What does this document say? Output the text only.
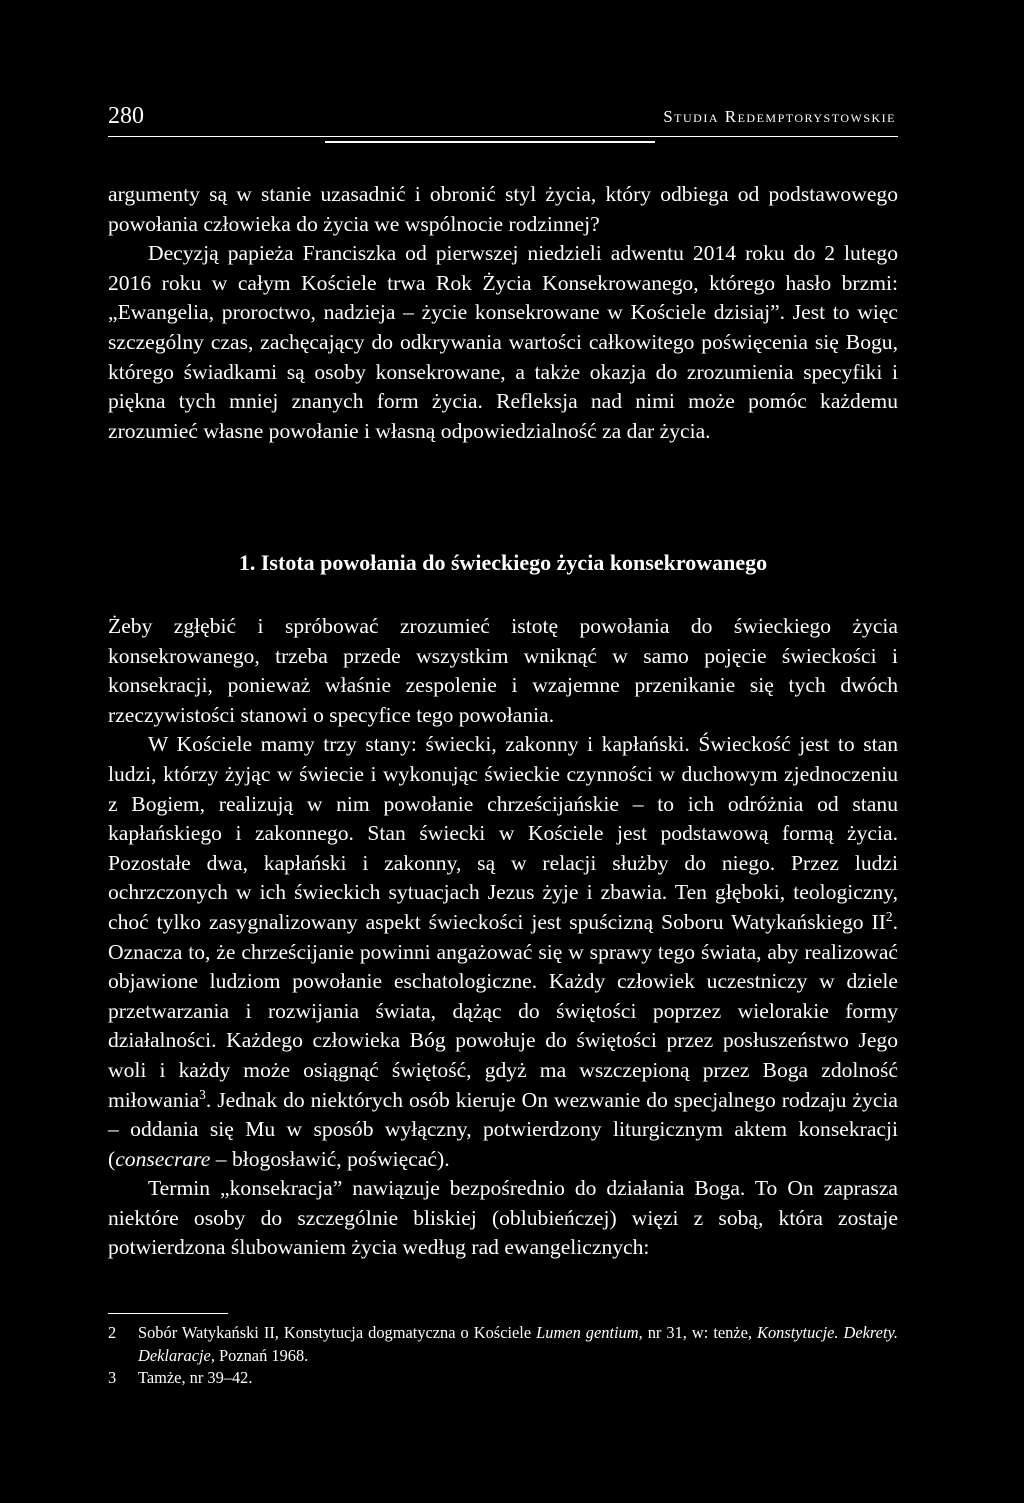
280	Studia Redemptorystowskie

argumenty są w stanie uzasadnić i obronić styl życia, który odbiega od podstawowego powołania człowieka do życia we wspólnocie rodzinnej?

Decyzją papieża Franciszka od pierwszej niedzieli adwentu 2014 roku do 2 lutego 2016 roku w całym Kościele trwa Rok Życia Konsekrowanego, którego hasło brzmi: „Ewangelia, proroctwo, nadzieja – życie konsekrowane w Kościele dzisiaj”. Jest to więc szczególny czas, zachęcający do odkrywania wartości całkowitego poświęcenia się Bogu, którego świadkami są osoby konsekrowane, a także okazja do zrozumienia specyfiki i piękna tych mniej znanych form życia. Refleksja nad nimi może pomóc każdemu zrozumieć własne powołanie i własną odpowiedzialność za dar życia.

1. Istota powołania do świeckiego życia konsekrowanego

Żeby zgłębić i spróbować zrozumieć istotę powołania do świeckiego życia konsekrowanego, trzeba przede wszystkim wniknąć w samo pojęcie świeckości i konsekracji, ponieważ właśnie zespolenie i wzajemne przenikanie się tych dwóch rzeczywistości stanowi o specyfice tego powołania.

W Kościele mamy trzy stany: świecki, zakonny i kapłański. Świeckość jest to stan ludzi, którzy żyjąc w świecie i wykonując świeckie czynności w duchowym zjednoczeniu z Bogiem, realizują w nim powołanie chrześcijańskie – to ich odróżnia od stanu kapłańskiego i zakonnego. Stan świecki w Kościele jest podstawową formą życia. Pozostałe dwa, kapłański i zakonny, są w relacji służby do niego. Przez ludzi ochrzczonych w ich świeckich sytuacjach Jezus żyje i zbawia. Ten głęboki, teologiczny, choć tylko zasygnalizowany aspekt świeckości jest spuścizną Soboru Watykańskiego $II^2$. Oznacza to, że chrześcijanie powinni angażować się w sprawy tego świata, aby realizować objawione ludziom powołanie eschatologiczne. Każdy człowiek uczestniczy w dziele przetwarzania i rozwijania świata, dążąc do świętości poprzez wielorakie formy działalności. Każdego człowieka Bóg powołuje do świętości przez posłuszeństwo Jego woli i każdy może osiągnąć świętość, gdyż ma wszczepioną przez Boga zdolność miłowania$^3$. Jednak do niektórych osób kieruje On wezwanie do specjalnego rodzaju życia – oddania się Mu w sposób wyłączny, potwierdzony liturgicznym aktem konsekracji (consecrare – błogosławić, poświęcać).

Termin „konsekracja” nawiązuje bezpośrednio do działania Boga. To On zaprasza niektóre osoby do szczególnie bliskiej (oblubieńczej) więzi z sobą, która zostaje potwierdzona ślubowaniem życia według rad ewangelicznych:

2 Sobór Watykański II, Konstytucja dogmatyczna o Kościele Lumen gentium, nr 31, w: tenże, Konstytucje. Dekrety. Deklaracje, Poznań 1968.

3 Tamże, nr 39–42.
